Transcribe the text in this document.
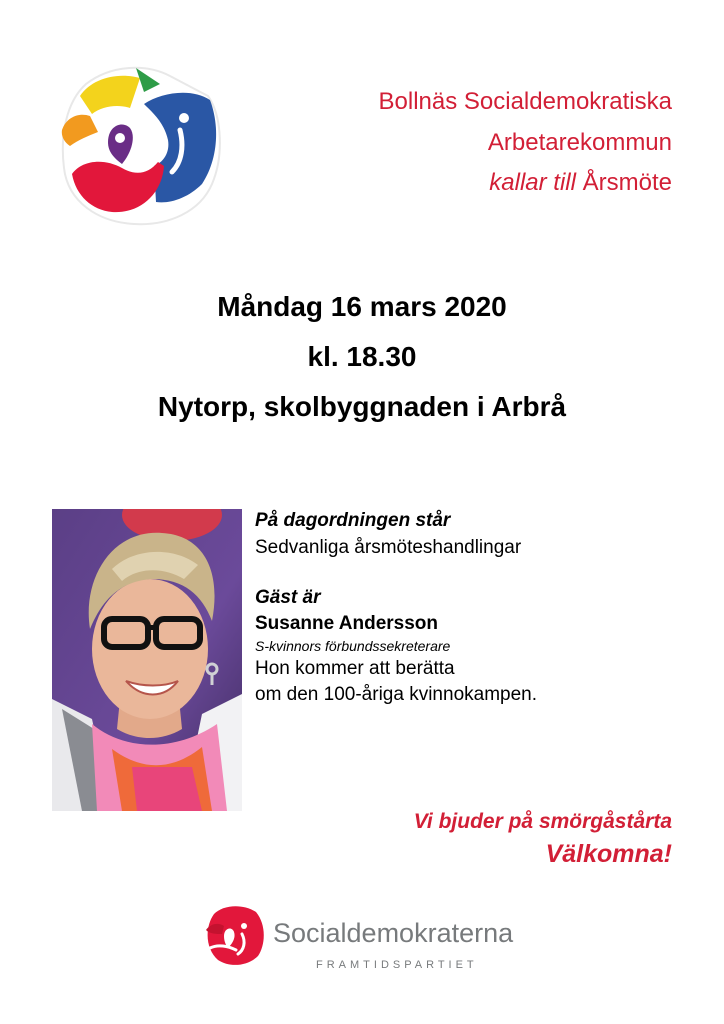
Bollnäs Socialdemokratiska
Arbetarekommun
kallar till Årsmöte
Måndag 16 mars 2020
kl. 18.30
Nytorp, skolbyggnaden i Arbrå
På dagordningen står
Sedvanliga årsmöteshandlingar
Gäst är
Susanne Andersson
S-kvinnors förbundssekreterare
Hon kommer att berätta
om den 100-åriga kvinnokampen.
Vi bjuder på smörgåstårta
Välkomna!
Socialdemokraterna
FRAMTIDSPARTIET
